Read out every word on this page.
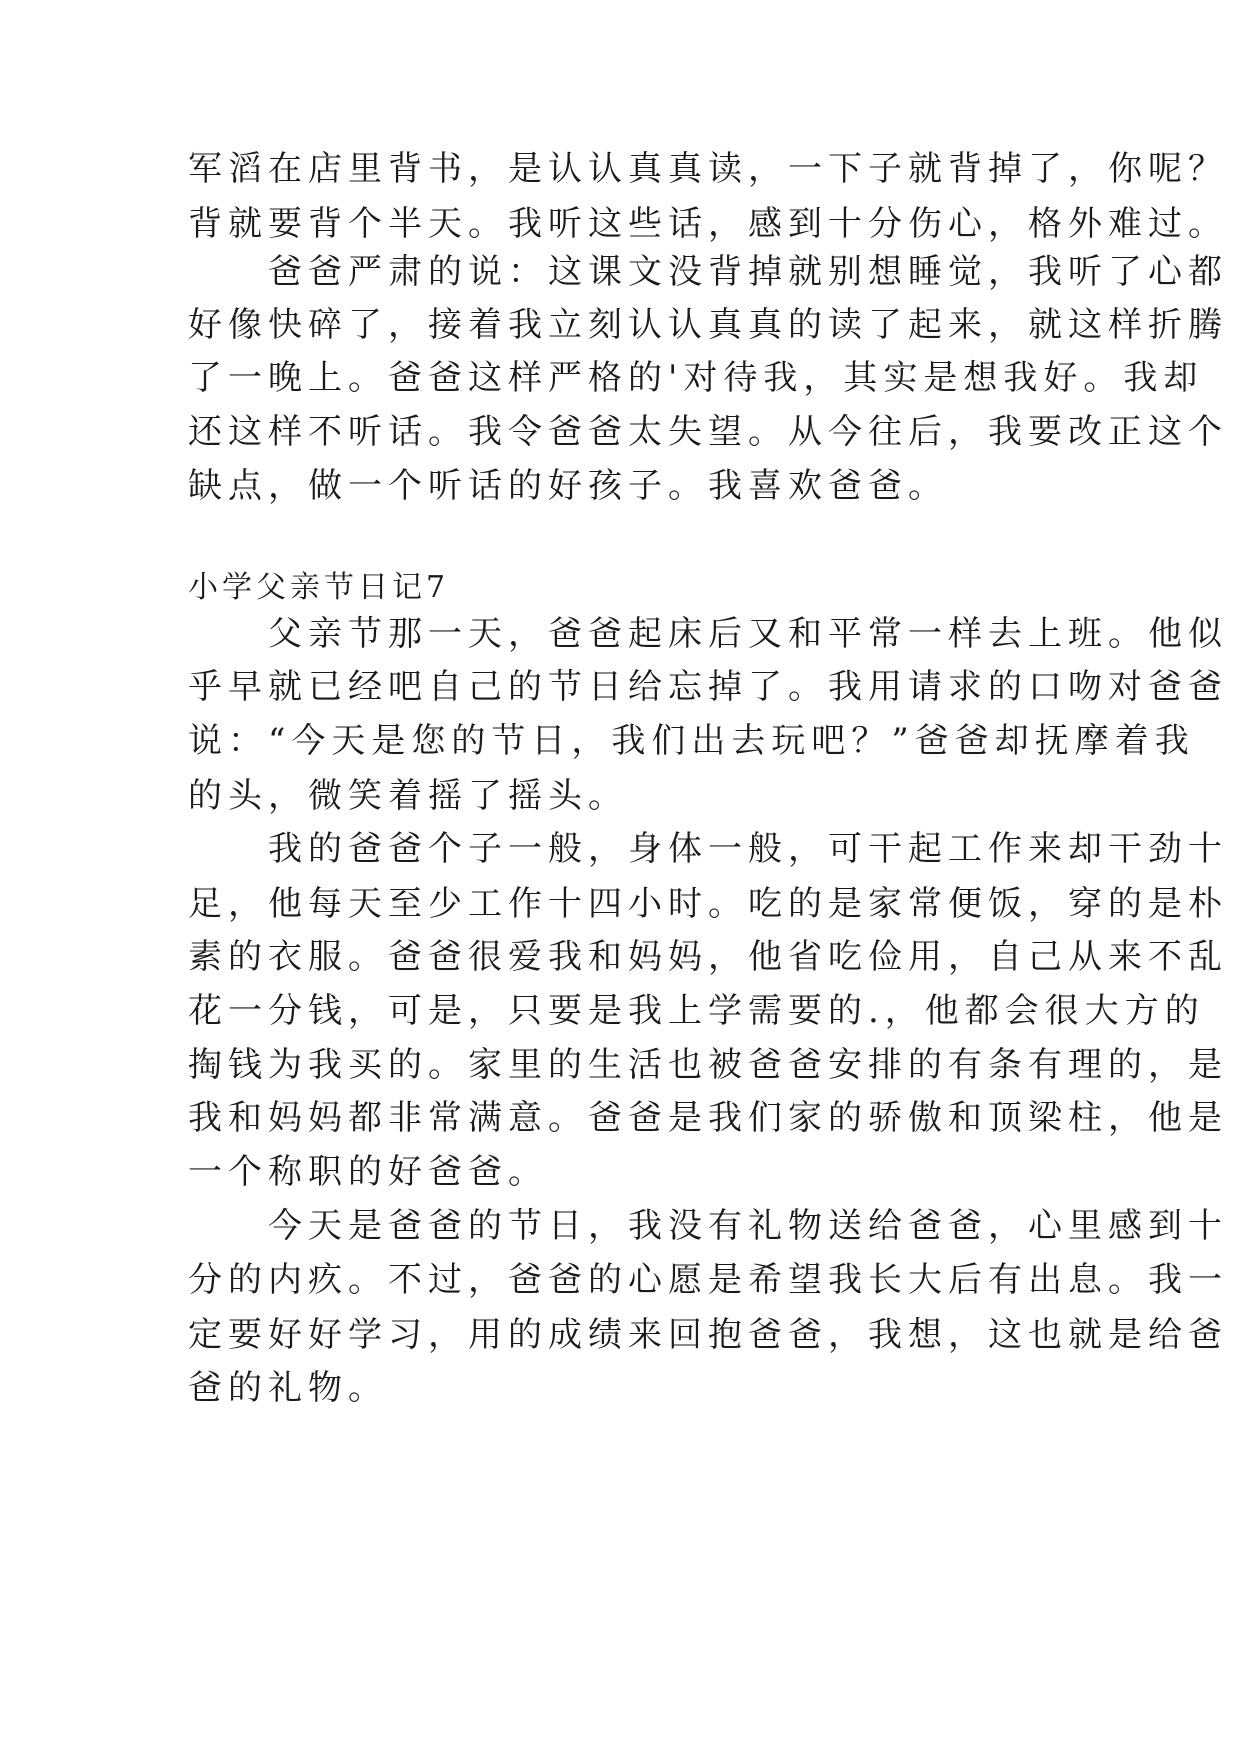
军滔在店里背书，是认认真真读，一下子就背掉了，你呢？
背就要背个半天。我听这些话，感到十分伤心，格外难过。
　　爸爸严肃的说：这课文没背掉就别想睡觉，我听了心都
好像快碎了，接着我立刻认认真真的读了起来，就这样折腾
了一晚上。爸爸这样严格的'对待我，其实是想我好。我却
还这样不听话。我令爸爸太失望。从今往后，我要改正这个
缺点，做一个听话的好孩子。我喜欢爸爸。
小学父亲节日记7
　　父亲节那一天，爸爸起床后又和平常一样去上班。他似
乎早就已经吧自己的节日给忘掉了。我用请求的口吻对爸爸
说：“今天是您的节日，我们出去玩吧？”爸爸却抚摩着我
的头，微笑着摇了摇头。
　　我的爸爸个子一般，身体一般，可干起工作来却干劲十
足，他每天至少工作十四小时。吃的是家常便饭，穿的是朴
素的衣服。爸爸很爱我和妈妈，他省吃俭用，自己从来不乱
花一分钱，可是，只要是我上学需要的.，他都会很大方的
掏钱为我买的。家里的生活也被爸爸安排的有条有理的，是
我和妈妈都非常满意。爸爸是我们家的骄傲和顶梁柱，他是
一个称职的好爸爸。
　　今天是爸爸的节日，我没有礼物送给爸爸，心里感到十
分的内疚。不过，爸爸的心愿是希望我长大后有出息。我一
定要好好学习，用的成绩来回抱爸爸，我想，这也就是给爸
爸的礼物。
